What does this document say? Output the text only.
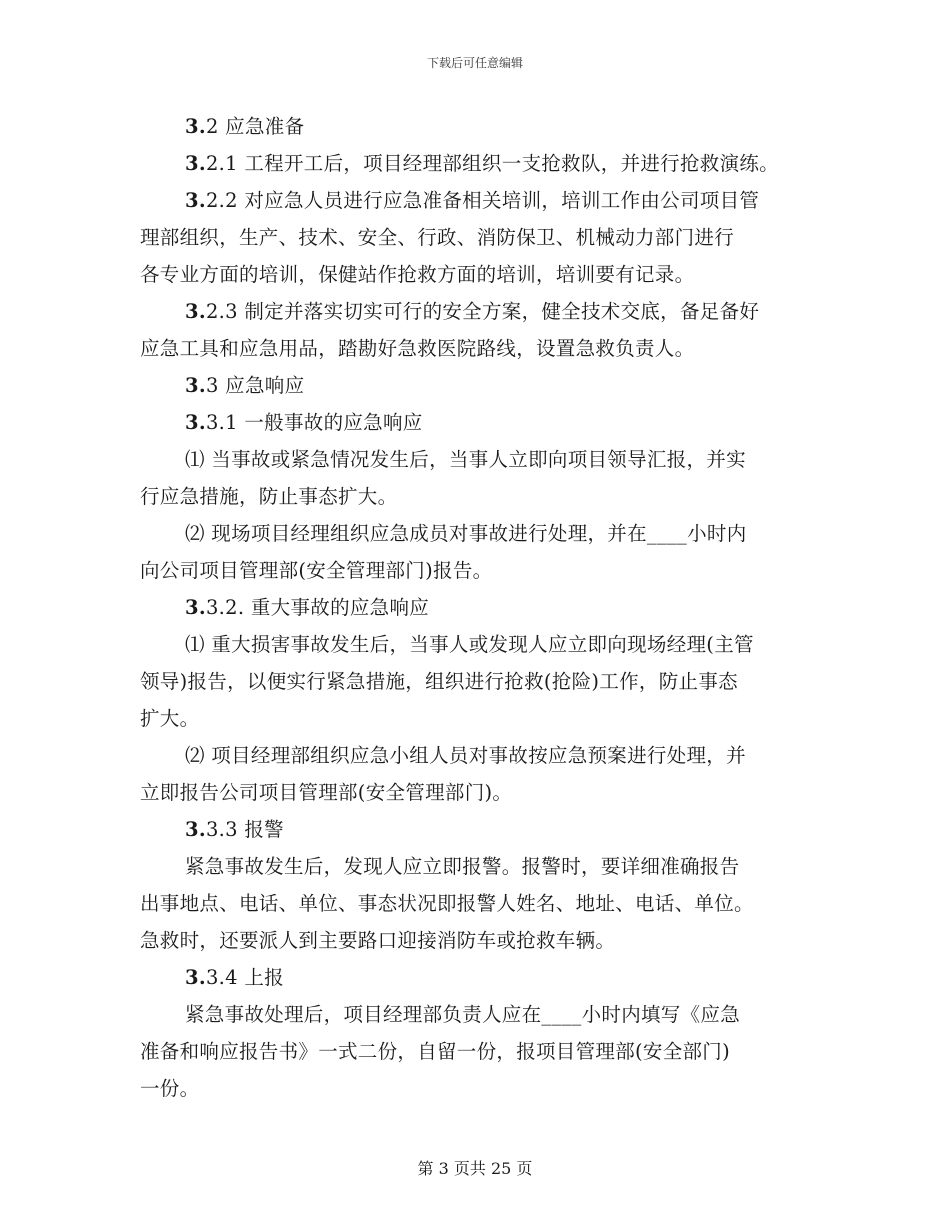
下载后可任意编辑

3.2 应急准备

3.2.1 工程开工后，项目经理部组织一支抢救队，并进行抢救演练。

3.2.2 对应急人员进行应急准备相关培训，培训工作由公司项目管

理部组织，生产、技术、安全、行政、消防保卫、机械动力部门进行

各专业方面的培训，保健站作抢救方面的培训，培训要有记录。

3.2.3 制定并落实切实可行的安全方案，健全技术交底，备足备好

应急工具和应急用品，踏勘好急救医院路线，设置急救负责人。

3.3 应急响应

3.3.1 一般事故的应急响应

⑴ 当事故或紧急情况发生后，当事人立即向项目领导汇报，并实

行应急措施，防止事态扩大。

⑵ 现场项目经理组织应急成员对事故进行处理，并在____小时内

向公司项目管理部(安全管理部门)报告。

3.3.2. 重大事故的应急响应

⑴ 重大损害事故发生后，当事人或发现人应立即向现场经理(主管

领导)报告，以便实行紧急措施，组织进行抢救(抢险)工作，防止事态

扩大。

⑵ 项目经理部组织应急小组人员对事故按应急预案进行处理，并

立即报告公司项目管理部(安全管理部门)。

3.3.3 报警

紧急事故发生后，发现人应立即报警。报警时，要详细准确报告

出事地点、电话、单位、事态状况即报警人姓名、地址、电话、单位。

急救时，还要派人到主要路口迎接消防车或抢救车辆。

3.3.4 上报

紧急事故处理后，项目经理部负责人应在____小时内填写《应急

准备和响应报告书》一式二份，自留一份，报项目管理部(安全部门)

一份。

第 3 页共 25 页
